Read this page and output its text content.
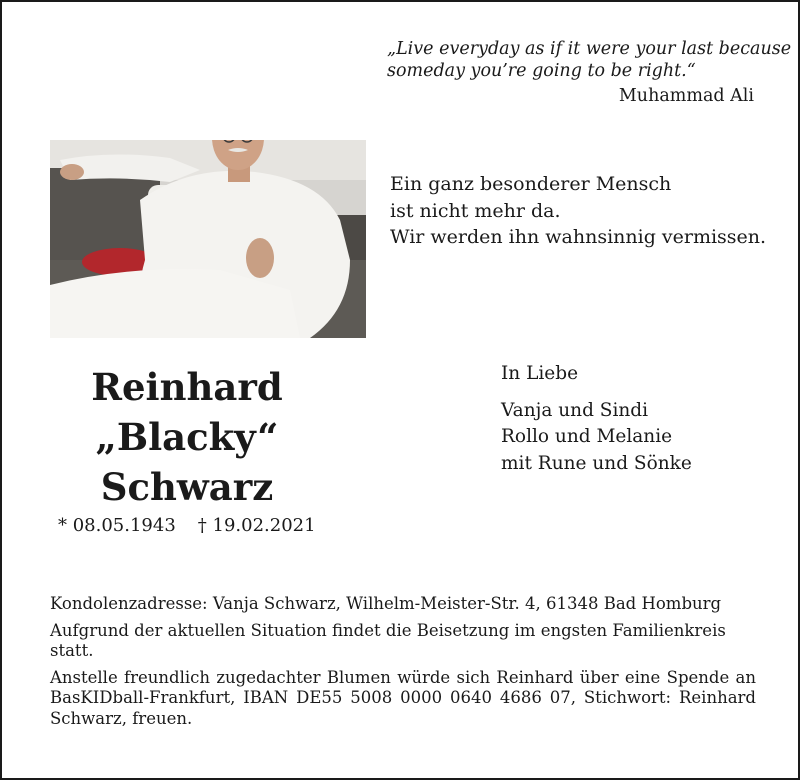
„Live everyday as if it were your last because
someday you’re going to be right.“
Muhammad Ali
Ein ganz besonderer Mensch
ist nicht mehr da.
Wir werden ihn wahnsinnig vermissen.
Reinhard
„Blacky“
Schwarz
* 08.05.1943 † 19.02.2021
In Liebe
Vanja und Sindi
Rollo und Melanie
mit Rune und Sönke

Kondolenzadresse: Vanja Schwarz, Wilhelm-Meister-Str. 4, 61348 Bad Homburg

Aufgrund der aktuellen Situation findet die Beisetzung im engsten Familienkreis statt.

Anstelle freundlich zugedachter Blumen würde sich Reinhard über eine Spende an BasKIDball-Frankfurt, IBAN DE55 5008 0000 0640 4686 07, Stichwort: Reinhard Schwarz, freuen.
